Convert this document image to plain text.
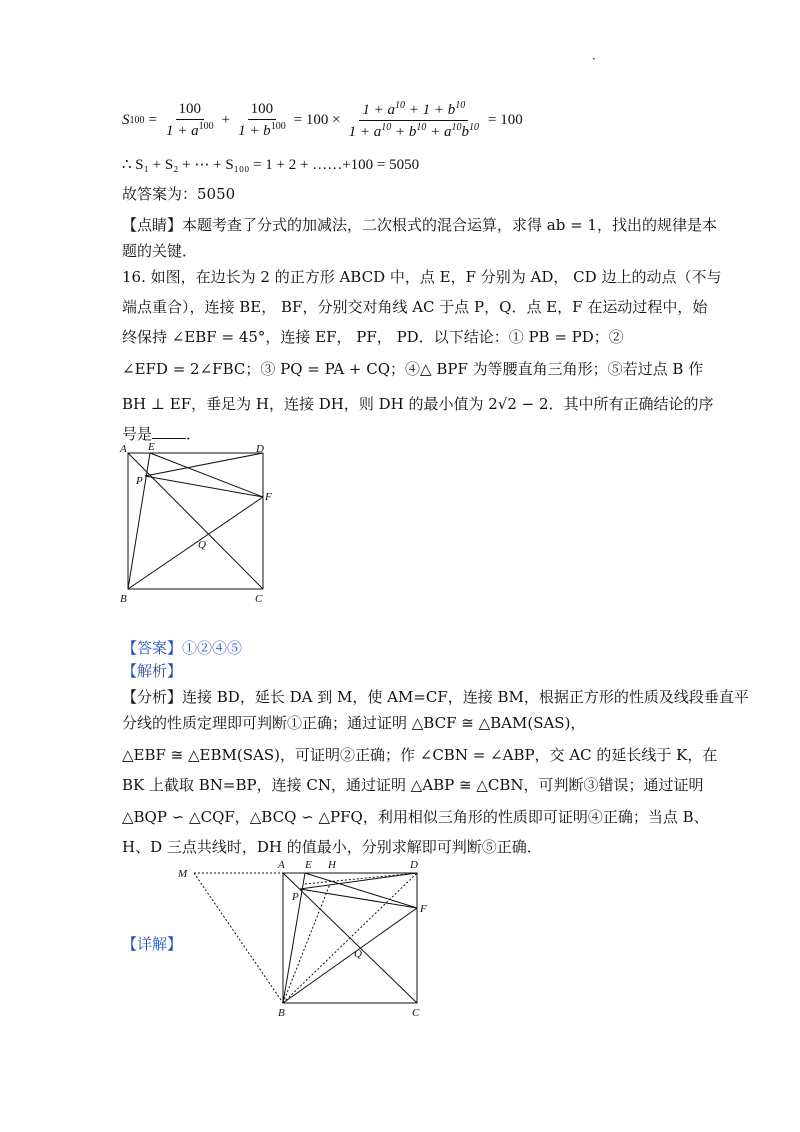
·
S $100 = \frac{100}{1 + a^{100}} + \frac{100}{1 + b^{100}} = 100 \times \frac{1 + a^{10} + 1 + b^{10}}{1 + a^{10} + b^{10} + a^{10}b^{10}} = 100$
∴ S₁ + S₂ + ⋯ + S₁₀₀ = 1 + 2 + ……+100 = 5050
故答案为：5050
【点睛】本题考查了分式的加减法，二次根式的混合运算，求得 ab = 1，找出的规律是本
题的关键．
16. 如图，在边长为 2 的正方形 ABCD 中，点 E，F 分别为 AD， CD 边上的动点（不与
端点重合），连接 BE， BF，分别交对角线 AC 于点 P，Q．点 E，F 在运动过程中，始
终保持 ∠EBF = 45°，连接 EF， PF， PD．以下结论：① PB = PD；②
∠EFD = 2∠FBC；③ PQ = PA + CQ；④△ BPF 为等腰直角三角形；⑤若过点 B 作
BH ⊥ EF，垂足为 H，连接 DH，则 DH 的最小值为 2√2 − 2．其中所有正确结论的序
号是 ．
A E	D
P
F
Q
B	C
【答案】①②④⑤
【解析】
【分析】连接 BD，延长 DA 到 M，使 AM=CF，连接 BM，根据正方形的性质及线段垂直平
分线的性质定理即可判断①正确；通过证明 △BCF ≅ △BAM(SAS)，
△EBF ≅ △EBM(SAS)，可证明②正确；作 ∠CBN = ∠ABP，交 AC 的延长线于 K，在
BK 上截取 BN=BP，连接 CN，通过证明 △ABP ≅ △CBN，可判断③错误；通过证明
△BQP ∽ △CQF，△BCQ ∽ △PFQ，利用相似三角形的性质即可证明④正确；当点 B、
H、D 三点共线时，DH 的值最小，分别求解即可判断⑤正确．
【详解】
M
A E H	D
P
F
Q
B	C
